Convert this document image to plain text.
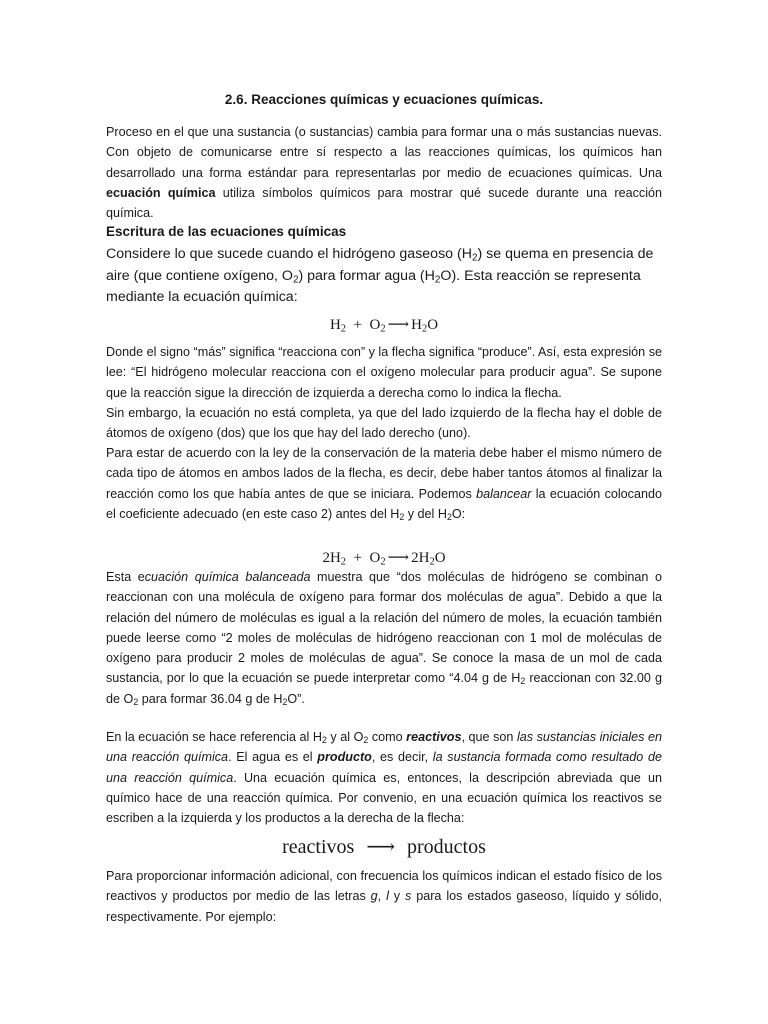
2.6. Reacciones químicas y ecuaciones químicas.

Proceso en el que una sustancia (o sustancias) cambia para formar una o más sustancias nuevas. Con objeto de comunicarse entre sí respecto a las reacciones químicas, los químicos han desarrollado una forma estándar para representarlas por medio de ecuaciones químicas. Una ecuación química utiliza símbolos químicos para mostrar qué sucede durante una reacción química.

Escritura de las ecuaciones químicas

Considere lo que sucede cuando el hidrógeno gaseoso $(H_2)$ se quema en presencia de aire (que contiene oxígeno, $O_2$) para formar agua $(H_2O)$. Esta reacción se representa mediante la ecuación química:

$H_2 + O_2$ ⟶ $H_2O$

Donde el signo “más” significa “reacciona con” y la flecha significa “produce”. Así, esta expresión se lee: “El hidrógeno molecular reacciona con el oxígeno molecular para producir agua”. Se supone que la reacción sigue la dirección de izquierda a derecha como lo indica la flecha.

Sin embargo, la ecuación no está completa, ya que del lado izquierdo de la flecha hay el doble de átomos de oxígeno (dos) que los que hay del lado derecho (uno).

Para estar de acuerdo con la ley de la conservación de la materia debe haber el mismo número de cada tipo de átomos en ambos lados de la flecha, es decir, debe haber tantos átomos al finalizar la reacción como los que había antes de que se iniciara. Podemos balancear la ecuación colocando el coeficiente adecuado (en este caso 2) antes del $H_2$ y del $H_2O$:

$2H_2 + O_2$ ⟶ $2H_2O$

Esta ecuación química balanceada muestra que “dos moléculas de hidrógeno se combinan o reaccionan con una molécula de oxígeno para formar dos moléculas de agua”. Debido a que la relación del número de moléculas es igual a la relación del número de moles, la ecuación también puede leerse como “2 moles de moléculas de hidrógeno reaccionan con 1 mol de moléculas de oxígeno para producir 2 moles de moléculas de agua”. Se conoce la masa de un mol de cada sustancia, por lo que la ecuación se puede interpretar como “4.04 g de $H_2$ reaccionan con 32.00 g de $O_2$ para formar 36.04 g de $H_2O$”.

En la ecuación se hace referencia al $H_2$ y al $O_2$ como reactivos, que son las sustancias iniciales en una reacción química. El agua es el producto, es decir, la sustancia formada como resultado de una reacción química. Una ecuación química es, entonces, la descripción abreviada que un químico hace de una reacción química. Por convenio, en una ecuación química los reactivos se escriben a la izquierda y los productos a la derecha de la flecha:

reactivos ⟶ productos

Para proporcionar información adicional, con frecuencia los químicos indican el estado físico de los reactivos y productos por medio de las letras g, l y s para los estados gaseoso, líquido y sólido, respectivamente. Por ejemplo:
